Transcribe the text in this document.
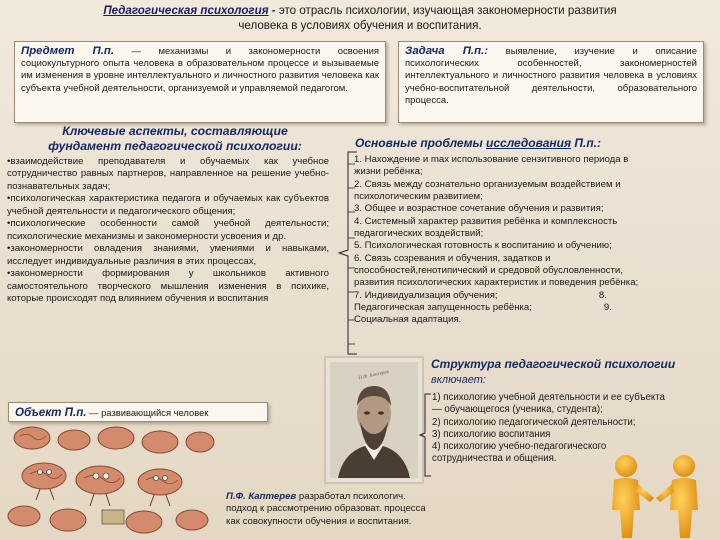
Педагогическая психология - это отрасль психологии, изучающая закономерности развития
человека в условиях обучения и воспитания.
Предмет П.п. — механизмы и закономерности освоения
социокультурного опыта человека в образовательном процессе и вызываемые им изменения в уровне интеллектуального и личностного развития человека как субъекта учебной деятельности, организуемой и управляемой педагогом.
Задача П.п.: выявление, изучение и описание
психологических особенностей, закономерностей интеллектуального и личностного развития человека в условиях учебно-воспитательной деятельности, образовательного процесса.
Ключевые аспекты, составляющие
фундамент педагогической психологии:

•взаимодействие преподавателя и обучаемых как учебное сотрудничество равных партнеров, направленное на решение учебно-познавательных задач;

•психологическая характеристика педагога и обучаемых как субъектов учебной деятельности и педагогического общения;

•психологические особенности самой учебной деятельности; психологические механизмы и закономерности усвоения и др.

•закономерности овладения знаниями, умениями и навыками, исследует индивидуальные различия в этих процессах,

•закономерности формирования у школьников активного самостоятельного творческого мышления изменения в психике, которые происходят под влиянием обучения и воспитания

Объект П.п. — развивающийся человек
Основные проблемы исследования П.п.:
1. Нахождение и max использование сензитивного периода в
жизни ребёнка;
2. Связь между сознательно организуемым воздействием и
психологическим развитием;
3. Общее и возрастное сочетание обучения и развития;
4. Системный характер развития ребёнка и комплексность
педагогических воздействий;
5. Психологическая готовность к воспитанию и обучению;
6. Связь созревания и обучения, задатков и
способностей,генотипический и средовой обусловленности,
развития психологических характеристик и поведения ребёнка;
7. Индивидуализация обучения;                                      8.
Педагогическая запущенность ребёнка;                           9.
Социальная адаптация.
П.Ф. Каптерев
Структура педагогической психологии
включает:
1) психологию учебной деятельности и ее субъекта
— обучающегося (ученика, студента);
2) психологию педагогической деятельности;
3) психологию воспитания
4) психологию учебно-педагогического
сотрудничества и общения.
П.Ф. Каптерев разработал психологич.
подход к рассмотрению образоват. процесса
как совокупности обучения и воспитания.
